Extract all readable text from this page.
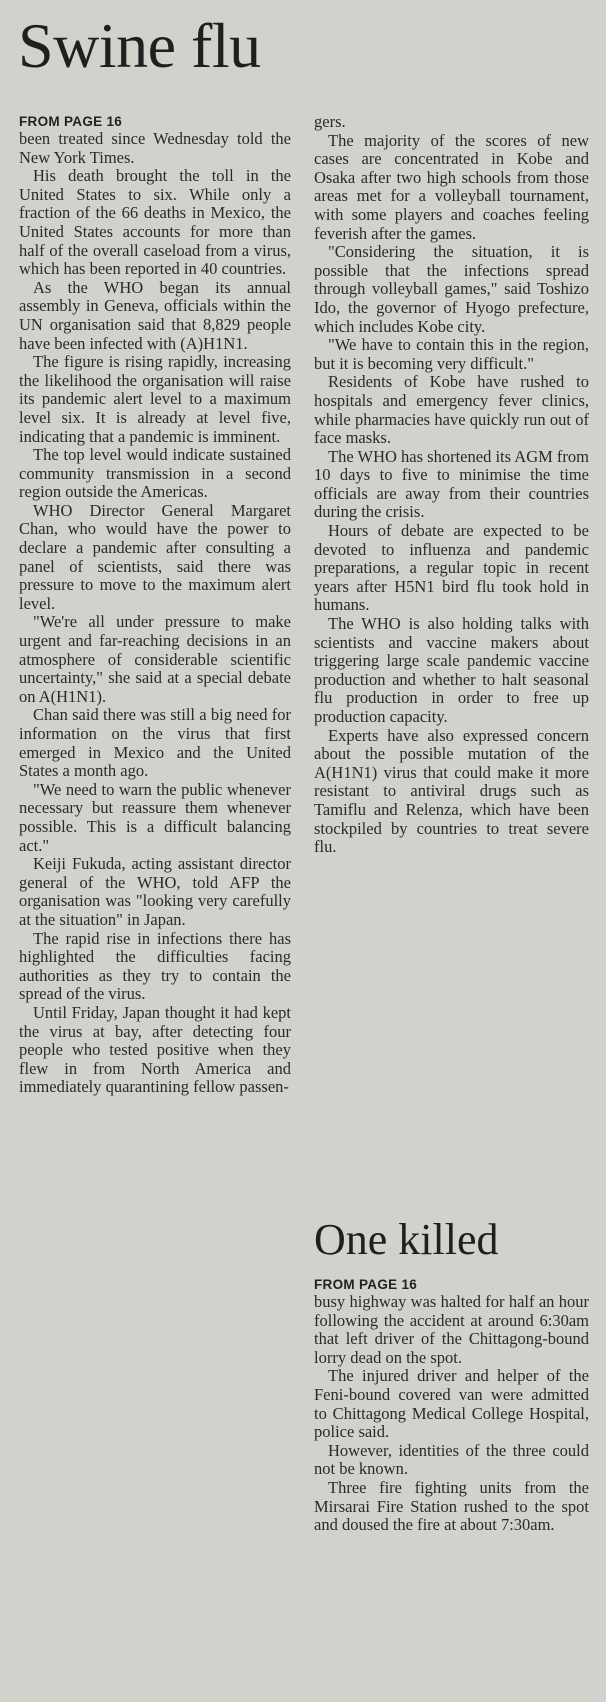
Swine flu
FROM PAGE 16

been treated since Wednesday told the New York Times.

His death brought the toll in the United States to six. While only a fraction of the 66 deaths in Mexico, the United States accounts for more than half of the overall caseload from a virus, which has been reported in 40 countries.

As the WHO began its annual assembly in Geneva, officials within the UN organisation said that 8,829 people have been infected with (A)H1N1.

The figure is rising rapidly, increasing the likelihood the organisation will raise its pandemic alert level to a maximum level six. It is already at level five, indicating that a pandemic is imminent.

The top level would indicate sustained community transmission in a second region outside the Americas.

WHO Director General Margaret Chan, who would have the power to declare a pandemic after consulting a panel of scientists, said there was pressure to move to the maximum alert level.

"We're all under pressure to make urgent and far-reaching decisions in an atmosphere of considerable scientific uncertainty," she said at a special debate on A(H1N1).

Chan said there was still a big need for information on the virus that first emerged in Mexico and the United States a month ago.

"We need to warn the public whenever necessary but reassure them whenever possible. This is a difficult balancing act."

Keiji Fukuda, acting assistant director general of the WHO, told AFP the organisation was "looking very carefully at the situation" in Japan.

The rapid rise in infections there has highlighted the difficulties facing authorities as they try to contain the spread of the virus.

Until Friday, Japan thought it had kept the virus at bay, after detecting four people who tested positive when they flew in from North America and immediately quarantining fellow passen-

gers.

The majority of the scores of new cases are concentrated in Kobe and Osaka after two high schools from those areas met for a volleyball tournament, with some players and coaches feeling feverish after the games.

"Considering the situation, it is possible that the infections spread through volleyball games," said Toshizo Ido, the governor of Hyogo prefecture, which includes Kobe city.

"We have to contain this in the region, but it is becoming very difficult."

Residents of Kobe have rushed to hospitals and emergency fever clinics, while pharmacies have quickly run out of face masks.

The WHO has shortened its AGM from 10 days to five to minimise the time officials are away from their countries during the crisis.

Hours of debate are expected to be devoted to influenza and pandemic preparations, a regular topic in recent years after H5N1 bird flu took hold in humans.

The WHO is also holding talks with scientists and vaccine makers about triggering large scale pandemic vaccine production and whether to halt seasonal flu production in order to free up production capacity.

Experts have also expressed concern about the possible mutation of the A(H1N1) virus that could make it more resistant to antiviral drugs such as Tamiflu and Relenza, which have been stockpiled by countries to treat severe flu.

One killed
FROM PAGE 16

busy highway was halted for half an hour following the accident at around 6:30am that left driver of the Chittagong-bound lorry dead on the spot.

The injured driver and helper of the Feni-bound covered van were admitted to Chittagong Medical College Hospital, police said.

However, identities of the three could not be known.

Three fire fighting units from the Mirsarai Fire Station rushed to the spot and doused the fire at about 7:30am.
